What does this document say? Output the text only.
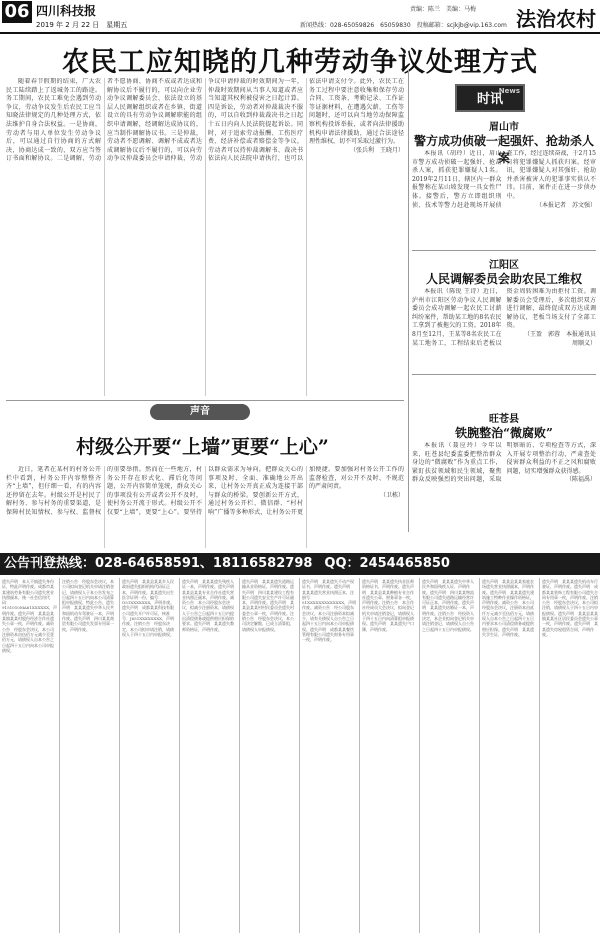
06 四川科技报
2019 年 2 月 22 日　星期五
责编：陈兰　美编：马梅
新闻热线：028-65059826　65059830　投稿邮箱：scjkjb@vip.163.com 法治农村
农民工应知晓的几种劳动争议处理方式

随着春节假期的结束，广大农民工陆续踏上了返城务工的路途。务工期间，农民工难免会遇到劳动争议，劳动争议发生后农民工应当知晓法律规定的几种处理方式，依法维护自身合法权益。一是协商，劳动者与用人单位发生劳动争议后，可以通过自行协商的方式解决，协商达成一致的，双方应当签订书面和解协议。二是调解，劳动者不愿协商、协商不成或者达成和解协议后不履行的，可以向企业劳动争议调解委员会、依法设立的基层人民调解组织或者在乡镇、街道设立的具有劳动争议调解职能的组织申请调解，经调解达成协议的，应当制作调解协议书。三是仲裁，劳动者不愿调解、调解不成或者达成调解协议后不履行的，可以向劳动争议仲裁委员会申请仲裁，劳动争议申请仲裁的时效期间为一年，仲裁时效期间从当事人知道或者应当知道其权利被侵害之日起计算。四是诉讼，劳动者对仲裁裁决不服的，可以自收到仲裁裁决书之日起十五日内向人民法院提起诉讼。同时，对于追索劳动报酬、工伤医疗费、经济补偿或者赔偿金等争议，劳动者可以持仲裁调解书、裁决书依法向人民法院申请执行，也可以依法申请支付令。此外，农民工在务工过程中要注意收集和保存劳动合同、工资条、考勤记录、工作证等证据材料，在遭遇欠薪、工伤等问题时，还可以向当地劳动保障监察机构投诉举报，或者向法律援助机构申请法律援助，通过合法途径理性维权，切不可采取过激行为。

（张兵利　王晓月）

News
时讯
眉山市
警方成功侦破一起强奸、抢劫杀人案

本报讯（胡玲）近日，眉山市警方成功侦破一起强奸、抢劫杀人案，抓获犯罪嫌疑人1名。2019年2月11日，辖区内一群众报警称在某山坡发现一具女性尸体。接警后，警方立即组织刑侦、技术等警力赶赴现场开展侦查工作，经过连续奋战，于2月15日将犯罪嫌疑人抓获归案。经审讯，犯罪嫌疑人对其强奸、抢劫并杀害被害人的犯罪事实供认不讳。目前，案件正在进一步侦办中。

（本报记者　苏文强）

江阳区
人民调解委员会助农民工维权

本报讯（陈锐 王诗）近日，泸州市江阳区劳动争议人民调解委员会成功调解一起农民工讨薪纠纷案件，帮助某工地的8名农民工拿到了被拖欠的工资。2018年8月至12月，王某等8名农民工在某工地务工，工程结束后老板以资金周转困难为由拒付工资。调解委员会受理后，多次组织双方进行调解，最终促成双方达成调解协议，老板当场支付了全部工资。

（王盈　郭蓉　本报通讯员　周顺义）

旺苍县
铁腕整治“微腐败”

本报讯（聂应玲）今年以来，旺苍县纪委监委把整治群众身边的“微腐败”作为重点工作，紧盯扶贫领域和民生领域，聚焦群众反映强烈的突出问题，采取明察暗访、专项检查等方式，深入开展专项整治行动，严肃查处侵害群众利益的不正之风和腐败问题，切实增强群众获得感。

（陈福禹）

声音
村级公开要“上墙”更要“上心”

近日，笔者在某村的村务公开栏中看到，村务公开内容整整齐齐“上墙”，但仔细一看，有的内容还停留在去年。村级公开是村民了解村务、参与村务的重要渠道，是保障村民知情权、参与权、监督权的重要举措。然而在一些地方，村务公开存在形式化、滞后化等问题，公开内容简单笼统，群众关心的事项没有公开或者公开不及时，使村务公开流于形式。村级公开不仅要“上墙”，更要“上心”。要坚持以群众需求为导向，把群众关心的事项及时、全面、准确地公开出来，让村务公开真正成为连接干部与群众的桥梁。要创新公开方式，通过村务公开栏、微信群、“村村响”广播等多种形式，让村务公开更加便捷。要加强对村务公开工作的监督检查，对公开不及时、不规范的严肃问责。

（卫栋）

公告刊登热线：028-64658591、18116582798 QQ：2454465850
遗失声明　本人不慎遗失身份证，特此声明作废。成都市某某建筑劳务有限公司遗失营业执照副本，统一社会信用代码：9151010MA61XXXXXX，声明作废。遗失声明　某某县某某镇某某村股份经济合作社遗失公章一枚，声明作废。减资公告　经股东会决议，本公司注册资本由伍佰万元减少至壹佰万元，请债权人自本公告之日起四十五日内向本公司申报债权。
注销公告　经股东会决议，本公司拟向登记机关申请注销登记，请债权人于本公告发布之日起四十五日内向本公司清算组申报债权。特此公告。遗失声明　某某某遗失中华人民共和国机动车驾驶证一本，声明作废。遗失声明　四川某某商贸有限公司遗失发票专用章一枚，声明作废。
遗失声明　某某县某某乡人民政府遗失组织机构代码证正本，声明作废。某某遗失出生医学证明一份，编号：O51XXXXXXX，声明作废。遗失声明　成都某某科技有限公司遗失开户许可证，核准号：J651XXXXXXXX，声明作废。注销公告　经股东决定，本公司拟申请注销，请债权人于四十五日内申报债权。
遗失声明　某某某遗失残疾人证一本，声明作废。遗失声明　某某县某某专业合作社遗失营业执照正副本，声明作废。减资公告　本公司经股东会决议，拟减少注册资本，请债权人于公告之日起四十五日内提出清偿债务或提供相应担保的要求。遗失声明　某某遗失教师资格证，声明作废。
遗失声明　某某某遗失道路运输从业资格证，声明作废。遗失声明　四川某某建设工程有限公司遗失安全生产许可证副本，声明作废。遗失声明　某某县某某村村民委员会遗失村委会公章一枚，声明作废。注销公告　经股东会决议，本公司决定解散，已成立清算组，请债权人申报债权。
遗失声明　某某遗失不动产权证书，声明作废。遗失声明　某某某遗失营业执照正本，注册号：51XXXXXXXXXXXXX，声明作废。减资公告　经公司股东会决议，本公司注册资本拟减少，请有关债权人自公告之日起四十五日内向本公司申报债权。遗失声明　成都某某餐饮管理有限公司遗失财务专用章一枚，声明作废。
遗失声明　某某遗失执业医师资格证书，声明作废。遗失声明　某某县某某种植专业合作社遗失公章、财务章各一枚，声明作废。注销公告　本合作社经成员大会决议，拟向登记机关申请注销登记，请债权人于四十五日内向清算组申报债权。遗失声明　某某遗失户口簿，声明作废。
遗失声明　某某某遗失中华人民共和国残疾人证，声明作废。遗失声明　四川某某物流有限公司遗失道路运输经营许可证正本，声明作废。遗失声明　某某遗失结婚证一本，声明作废。注销公告　经投资人决定，本企业拟向登记机关申请注销登记，请债权人自公告之日起四十五日内申报债权。
遗失声明　某某县某某家庭农场遗失营业执照副本，声明作废。遗失声明　某某某遗失建筑施工特种作业操作资格证，声明作废。减资公告　本公司经股东会决议，注册资本由贰仟万元减少至伍佰万元，请债权人自本公告之日起四十五日内要求本公司清偿债务或提供相应担保。遗失声明　某某遗失学生证，声明作废。
遗失声明　某某某遗失机动车行驶证，声明作废。遗失声明　成都某某装饰工程有限公司遗失合同专用章一枚，声明作废。注销公告　经股东会决议，本公司拟注销，请债权人于四十五日内申报债权。遗失声明　某某县某某镇某某社区居民委员会遗失公章一枚，声明作废。遗失声明　某某遗失房屋租赁合同，声明作废。
